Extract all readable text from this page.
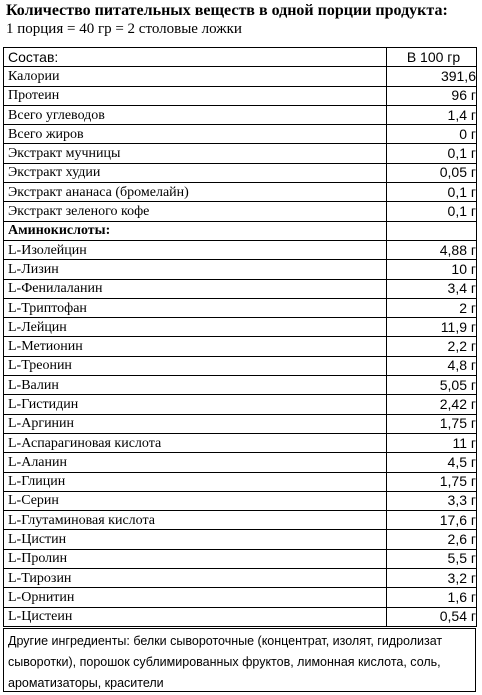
Количество питательных веществ в одной порции продукта:
1 порция = 40 гр = 2 столовые ложки
Состав:	В 100 гр
Калории	391,6
Протеин	96 г
Всего углеводов	1,4 г
Всего жиров	0 г
Экстракт мучницы	0,1 г
Экстракт худии	0,05 г
Экстракт ананаса (бромелайн)	0,1 г
Экстракт зеленого кофе	0,1 г
Аминокислоты:	
L-Изолейцин	4,88 г
L-Лизин	10 г
L-Фенилаланин	3,4 г
L-Триптофан	2 г
L-Лейцин	11,9 г
L-Метионин	2,2 г
L-Треонин	4,8 г
L-Валин	5,05 г
L-Гистидин	2,42 г
L-Аргинин	1,75 г
L-Аспарагиновая кислота	11 г
L-Аланин	4,5 г
L-Глицин	1,75 г
L-Серин	3,3 г
L-Глутаминовая кислота	17,6 г
L-Цистин	2,6 г
L-Пролин	5,5 г
L-Тирозин	3,2 г
L-Орнитин	1,6 г
L-Цистеин	0,54 г
Другие ингредиенты: белки сывороточные (концентрат, изолят, гидролизат сыворотки), порошок сублимированных фруктов, лимонная кислота, соль, ароматизаторы, красители
